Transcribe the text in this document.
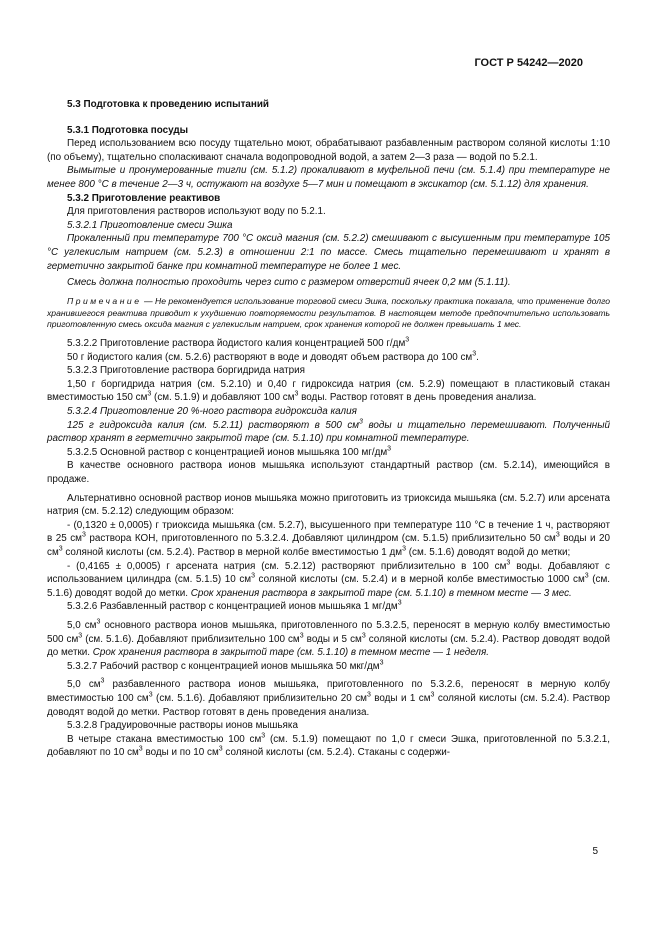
ГОСТ Р 54242—2020

5.3 Подготовка к проведению испытаний

5.3.1 Подготовка посуды

Перед использованием всю посуду тщательно моют, обрабатывают разбавленным раствором соляной кислоты 1:10 (по объему), тщательно споласкивают сначала водопроводной водой, а затем 2—3 раза — водой по 5.2.1.

Вымытые и пронумерованные тигли (см. 5.1.2) прокаливают в муфельной печи (см. 5.1.4) при температуре не менее 800 °С в течение 2—3 ч, остужают на воздухе 5—7 мин и помещают в эксикатор (см. 5.1.12) для хранения.

5.3.2 Приготовление реактивов

Для приготовления растворов используют воду по 5.2.1.

5.3.2.1 Приготовление смеси Эшка

Прокаленный при температуре 700 °С оксид магния (см. 5.2.2) смешивают с высушенным при температуре 105 °С углекислым натрием (см. 5.2.3) в отношении 2:1 по массе. Смесь тщательно перемешивают и хранят в герметично закрытой банке при комнатной температуре не более 1 мес.

Смесь должна полностью проходить через сито с размером отверстий ячеек 0,2 мм (5.1.11).

Примечание — Не рекомендуется использование торговой смеси Эшка, поскольку практика показала, что применение долго хранившегося реактива приводит к ухудшению повторяемости результатов. В настоящем методе предпочтительно использовать приготовленную смесь оксида магния с углекислым натрием, срок хранения которой не должен превышать 1 мес.

5.3.2.2 Приготовление раствора йодистого калия концентрацией 500 $г/дм^3$

50 г йодистого калия (см. 5.2.6) растворяют в воде и доводят объем раствора до 100 $см^3$.

5.3.2.3 Приготовление раствора боргидрида натрия

1,50 г боргидрида натрия (см. 5.2.10) и 0,40 г гидроксида натрия (см. 5.2.9) помещают в пластиковый стакан вместимостью 150 $см^3$ (см. 5.1.9) и добавляют 100 $см^3$ воды. Раствор готовят в день проведения анализа.

5.3.2.4 Приготовление 20 %-ного раствора гидроксида калия

125 г гидроксида калия (см. 5.2.11) растворяют в 500 $см^3$ воды и тщательно перемешивают. Полученный раствор хранят в герметично закрытой таре (см. 5.1.10) при комнатной температуре.

5.3.2.5 Основной раствор с концентрацией ионов мышьяка 100 $мг/дм^3$

В качестве основного раствора ионов мышьяка используют стандартный раствор (см. 5.2.14), имеющийся в продаже.

Альтернативно основной раствор ионов мышьяка можно приготовить из триоксида мышьяка (см. 5.2.7) или арсената натрия (см. 5.2.12) следующим образом:

- (0,1320 ± 0,0005) г триоксида мышьяка (см. 5.2.7), высушенного при температуре 110 °С в течение 1 ч, растворяют в 25 $см^3$ раствора КОН, приготовленного по 5.3.2.4. Добавляют цилиндром (см. 5.1.5) приблизительно 50 $см^3$ воды и 20 $см^3$ соляной кислоты (см. 5.2.4). Раствор в мерной колбе вместимостью 1 $дм^3$ (см. 5.1.6) доводят водой до метки;

- (0,4165 ± 0,0005) г арсената натрия (см. 5.2.12) растворяют приблизительно в 100 $см^3$ воды. Добавляют с использованием цилиндра (см. 5.1.5) 10 $см^3$ соляной кислоты (см. 5.2.4) и в мерной колбе вместимостью 1000 $см^3$ (см. 5.1.6) доводят водой до метки. Срок хранения раствора в закрытой таре (см. 5.1.10) в темном месте — 3 мес.

5.3.2.6 Разбавленный раствор с концентрацией ионов мышьяка 1 $мг/дм^3$

5,0 $см^3$ основного раствора ионов мышьяка, приготовленного по 5.3.2.5, переносят в мерную колбу вместимостью 500 $см^3$ (см. 5.1.6). Добавляют приблизительно 100 $см^3$ воды и 5 $см^3$ соляной кислоты (см. 5.2.4). Раствор доводят водой до метки. Срок хранения раствора в закрытой таре (см. 5.1.10) в темном месте — 1 неделя.

5.3.2.7 Рабочий раствор с концентрацией ионов мышьяка 50 мкг/$дм^3$

5,0 $см^3$ разбавленного раствора ионов мышьяка, приготовленного по 5.3.2.6, переносят в мерную колбу вместимостью 100 $см^3$ (см. 5.1.6). Добавляют приблизительно 20 $см^3$ воды и 1 $см^3$ соляной кислоты (см. 5.2.4). Раствор доводят водой до метки. Раствор готовят в день проведения анализа.

5.3.2.8 Градуировочные растворы ионов мышьяка

В четыре стакана вместимостью 100 $см^3$ (см. 5.1.9) помещают по 1,0 г смеси Эшка, приготовленной по 5.3.2.1, добавляют по 10 $см^3$ воды и по 10 $см^3$ соляной кислоты (см. 5.2.4). Стаканы с содержи-

5
